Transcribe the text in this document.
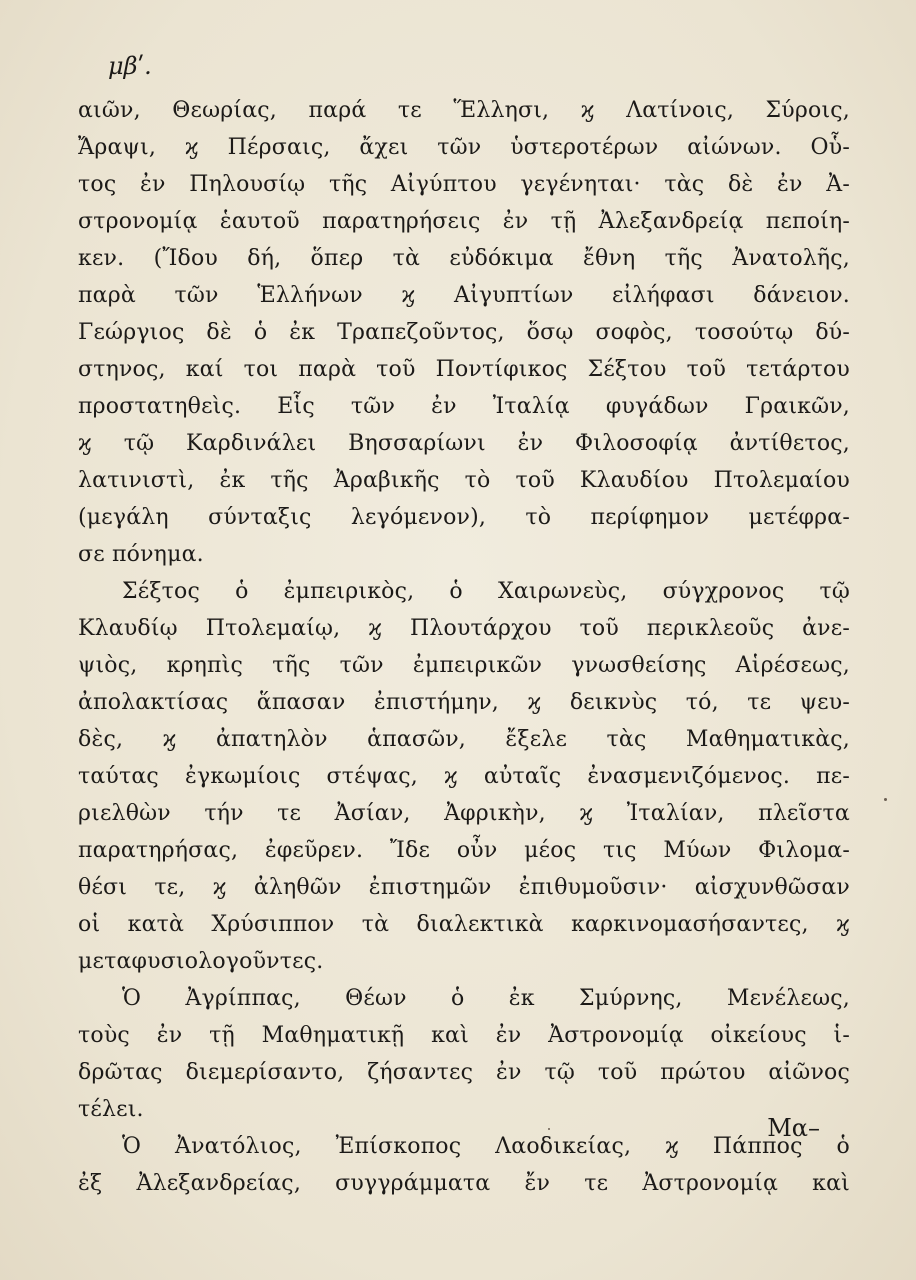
μβʹ.
αιῶν, Θεωρίας, παρά τε Ἕλλησι, ϗ Λατίνοις, Σύροις,
Ἄραψι, ϗ Πέρσαις, ἄχει τῶν ὑστεροτέρων αἰώνων. Οὗ-
τος ἐν Πηλουσίῳ τῆς Αἰγύπτου γεγένηται· τὰς δὲ ἐν Ἀ-
στρονομίᾳ ἑαυτοῦ παρατηρήσεις ἐν τῇ Ἀλεξανδρείᾳ πεποίη-
κεν. (Ἴδου δή, ὅπερ τὰ εὐδόκιμα ἔθνη τῆς Ἀνατολῆς,
παρὰ τῶν Ἑλλήνων ϗ Αἰγυπτίων εἰλήφασι δάνειον.
Γεώργιος δὲ ὁ ἐκ Τραπεζοῦντος, ὅσῳ σοφὸς, τοσούτῳ δύ-
στηνος, καί τοι παρὰ τοῦ Ποντίφικος Σέξτου τοῦ τετάρτου
προστατηθεὶς. Εἷς τῶν ἐν Ἰταλίᾳ φυγάδων Γραικῶν,
ϗ τῷ Καρδινάλει Βησσαρίωνι ἐν Φιλοσοφίᾳ ἀντίθετος,
λατινιστὶ, ἐκ τῆς Ἀραβικῆς τὸ τοῦ Κλαυδίου Πτολεμαίου
(μεγάλη σύνταξις λεγόμενον), τὸ περίφημον μετέφρα-
σε πόνημα.
Σέξτος ὁ ἐμπειρικὸς, ὁ Χαιρωνεὺς, σύγχρονος τῷ
Κλαυδίῳ Πτολεμαίῳ, ϗ Πλουτάρχου τοῦ περικλεοῦς ἀνε-
ψιὸς, κρηπὶς τῆς τῶν ἐμπειρικῶν γνωσθείσης Αἱρέσεως,
ἀπολακτίσας ἅπασαν ἐπιστήμην, ϗ δεικνὺς τό, τε ψευ-
δὲς, ϗ ἀπατηλὸν ἁπασῶν, ἔξελε τὰς Μαθηματικὰς,
ταύτας ἐγκωμίοις στέψας, ϗ αὐταῖς ἐνασμενιζόμενος. πε-
ριελθὼν τήν τε Ἀσίαν, Ἀφρικὴν, ϗ Ἰταλίαν, πλεῖστα
παρατηρήσας, ἐφεῦρεν. Ἴδε οὖν μέος τις Μύων Φιλομα-
θέσι τε, ϗ ἀληθῶν ἐπιστημῶν ἐπιθυμοῦσιν· αἰσχυνθῶσαν
οἱ κατὰ Χρύσιππον τὰ διαλεκτικὰ καρκινομασήσαντες, ϗ
μεταφυσιολογοῦντες.
Ὁ Ἀγρίππας, Θέων ὁ ἐκ Σμύρνης, Μενέλεως,
τοὺς ἐν τῇ Μαθηματικῇ καὶ ἐν Ἀστρονομίᾳ οἰκείους ἱ-
δρῶτας διεμερίσαντο, ζήσαντες ἐν τῷ τοῦ πρώτου αἰῶνος
τέλει.
Ὁ Ἀνατόλιος, Ἐπίσκοπος Λαοδικείας, ϗ Πάππος ὁ
ἐξ Ἀλεξανδρείας, συγγράμματα ἔν τε Ἀστρονομίᾳ καὶ
Μα–
